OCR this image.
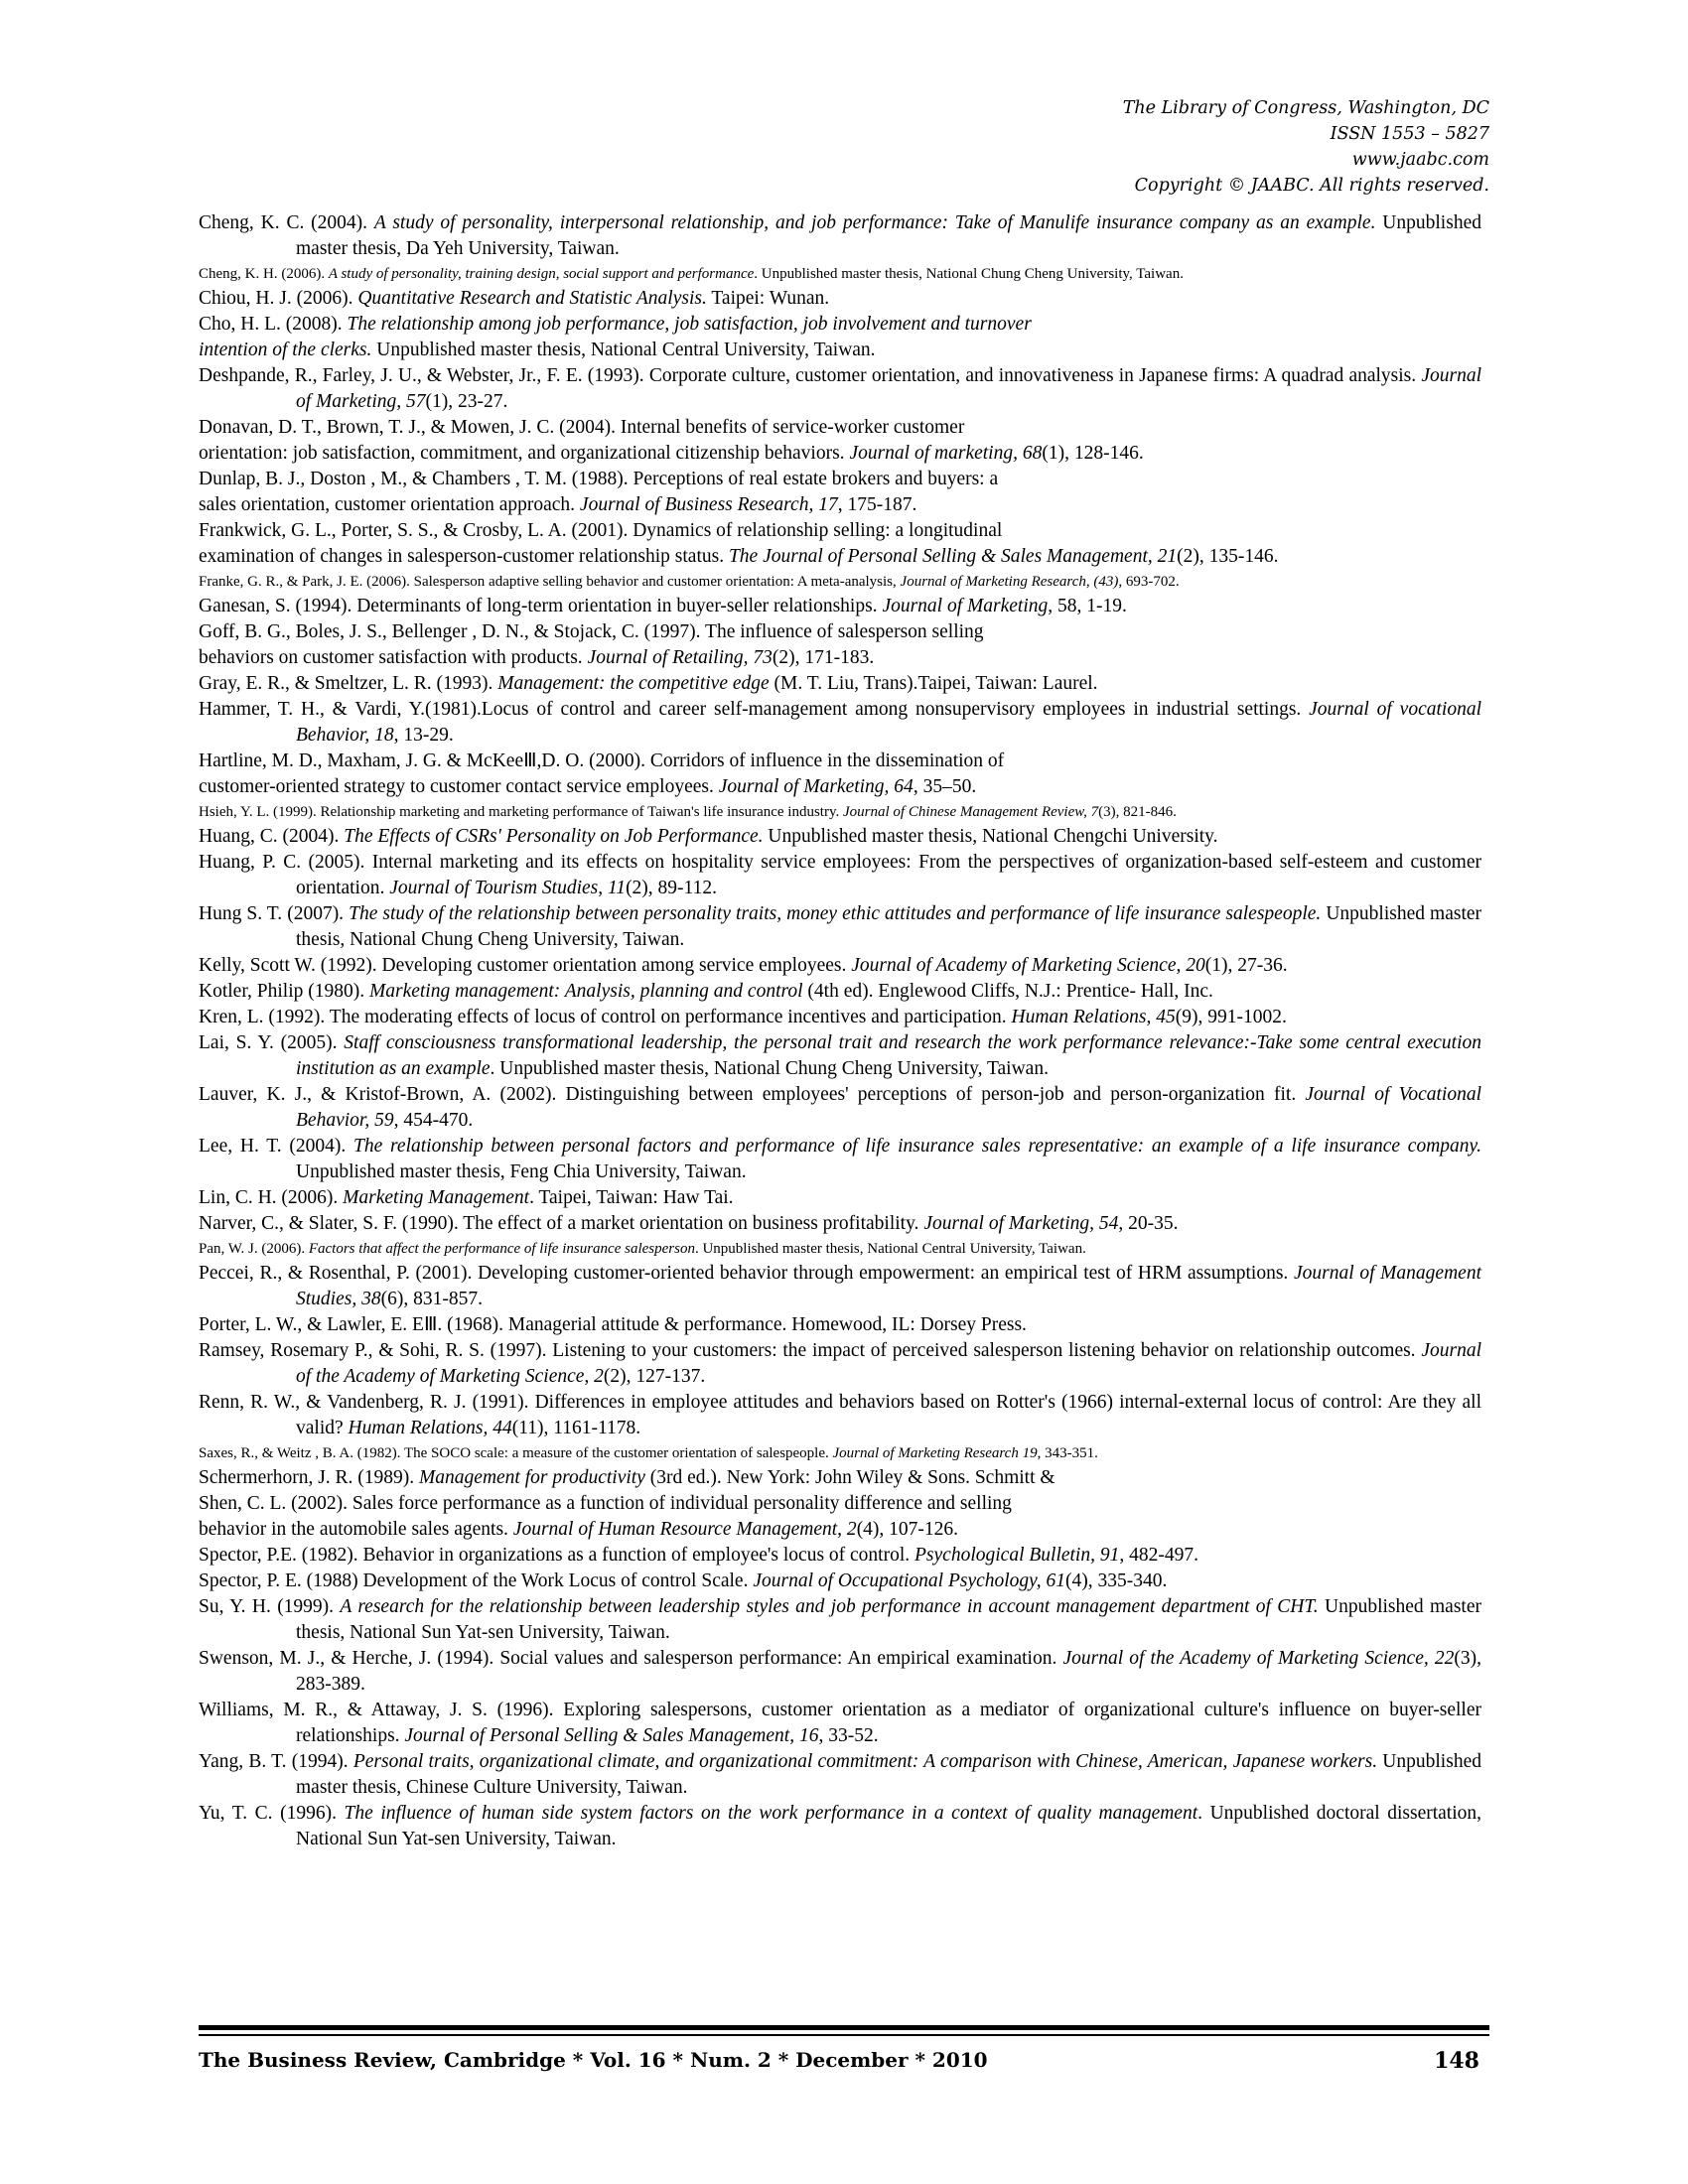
The Library of Congress, Washington, DC
ISSN 1553 – 5827
www.jaabc.com
Copyright © JAABC. All rights reserved.
Cheng, K. C. (2004). A study of personality, interpersonal relationship, and job performance: Take of Manulife insurance company as an example. Unpublished master thesis, Da Yeh University, Taiwan.
Cheng, K. H. (2006). A study of personality, training design, social support and performance. Unpublished master thesis, National Chung Cheng University, Taiwan.
Chiou, H. J. (2006). Quantitative Research and Statistic Analysis. Taipei: Wunan.
Cho, H. L. (2008). The relationship among job performance, job satisfaction, job involvement and turnover
intention of the clerks. Unpublished master thesis, National Central University, Taiwan.
Deshpande, R., Farley, J. U., & Webster, Jr., F. E. (1993). Corporate culture, customer orientation, and innovativeness in Japanese firms: A quadrad analysis. Journal of Marketing, 57(1), 23-27.
Donavan, D. T., Brown, T. J., & Mowen, J. C. (2004). Internal benefits of service-worker customer
orientation: job satisfaction, commitment, and organizational citizenship behaviors. Journal of marketing, 68(1), 128-146.
Dunlap, B. J., Doston , M., & Chambers , T. M. (1988). Perceptions of real estate brokers and buyers: a
sales orientation, customer orientation approach. Journal of Business Research, 17, 175-187.
Frankwick, G. L., Porter, S. S., & Crosby, L. A. (2001). Dynamics of relationship selling: a longitudinal
examination of changes in salesperson-customer relationship status. The Journal of Personal Selling & Sales Management, 21(2), 135-146.
Franke, G. R., & Park, J. E. (2006). Salesperson adaptive selling behavior and customer orientation: A meta-analysis, Journal of Marketing Research, (43), 693-702.
Ganesan, S. (1994). Determinants of long-term orientation in buyer-seller relationships. Journal of Marketing, 58, 1-19.
Goff, B. G., Boles, J. S., Bellenger , D. N., & Stojack, C. (1997). The influence of salesperson selling
behaviors on customer satisfaction with products. Journal of Retailing, 73(2), 171-183.
Gray, E. R., & Smeltzer, L. R. (1993). Management: the competitive edge (M. T. Liu, Trans).Taipei, Taiwan: Laurel.
Hammer, T. H., & Vardi, Y.(1981).Locus of control and career self-management among nonsupervisory employees in industrial settings. Journal of vocational Behavior, 18, 13-29.
Hartline, M. D., Maxham, J. G. & McKeeⅢ,D. O. (2000). Corridors of influence in the dissemination of
customer-oriented strategy to customer contact service employees. Journal of Marketing, 64, 35–50.
Hsieh, Y. L. (1999). Relationship marketing and marketing performance of Taiwan's life insurance industry. Journal of Chinese Management Review, 7(3), 821-846.
Huang, C. (2004). The Effects of CSRs' Personality on Job Performance. Unpublished master thesis, National Chengchi University.
Huang, P. C. (2005). Internal marketing and its effects on hospitality service employees: From the perspectives of organization-based self-esteem and customer orientation. Journal of Tourism Studies, 11(2), 89-112.
Hung S. T. (2007). The study of the relationship between personality traits, money ethic attitudes and performance of life insurance salespeople. Unpublished master thesis, National Chung Cheng University, Taiwan.
Kelly, Scott W. (1992). Developing customer orientation among service employees. Journal of Academy of Marketing Science, 20(1), 27-36.
Kotler, Philip (1980). Marketing management: Analysis, planning and control (4th ed). Englewood Cliffs, N.J.: Prentice- Hall, Inc.
Kren, L. (1992). The moderating effects of locus of control on performance incentives and participation. Human Relations, 45(9), 991-1002.
Lai, S. Y. (2005). Staff consciousness transformational leadership, the personal trait and research the work performance relevance:-Take some central execution institution as an example. Unpublished master thesis, National Chung Cheng University, Taiwan.
Lauver, K. J., & Kristof-Brown, A. (2002). Distinguishing between employees' perceptions of person-job and person-organization fit. Journal of Vocational Behavior, 59, 454-470.
Lee, H. T. (2004). The relationship between personal factors and performance of life insurance sales representative: an example of a life insurance company. Unpublished master thesis, Feng Chia University, Taiwan.
Lin, C. H. (2006). Marketing Management. Taipei, Taiwan: Haw Tai.
Narver, C., & Slater, S. F. (1990). The effect of a market orientation on business profitability. Journal of Marketing, 54, 20-35.
Pan, W. J. (2006). Factors that affect the performance of life insurance salesperson. Unpublished master thesis, National Central University, Taiwan.
Peccei, R., & Rosenthal, P. (2001). Developing customer-oriented behavior through empowerment: an empirical test of HRM assumptions. Journal of Management Studies, 38(6), 831-857.
Porter, L. W., & Lawler, E. EⅢ. (1968). Managerial attitude & performance. Homewood, IL: Dorsey Press.
Ramsey, Rosemary P., & Sohi, R. S. (1997). Listening to your customers: the impact of perceived salesperson listening behavior on relationship outcomes. Journal of the Academy of Marketing Science, 2(2), 127-137.
Renn, R. W., & Vandenberg, R. J. (1991). Differences in employee attitudes and behaviors based on Rotter's (1966) internal-external locus of control: Are they all valid? Human Relations, 44(11), 1161-1178.
Saxes, R., & Weitz , B. A. (1982). The SOCO scale: a measure of the customer orientation of salespeople. Journal of Marketing Research 19, 343-351.
Schermerhorn, J. R. (1989). Management for productivity (3rd ed.). New York: John Wiley & Sons. Schmitt &
Shen, C. L. (2002). Sales force performance as a function of individual personality difference and selling
behavior in the automobile sales agents. Journal of Human Resource Management, 2(4), 107-126.
Spector, P.E. (1982). Behavior in organizations as a function of employee's locus of control. Psychological Bulletin, 91, 482-497.
Spector, P. E. (1988) Development of the Work Locus of control Scale. Journal of Occupational Psychology, 61(4), 335-340.
Su, Y. H. (1999). A research for the relationship between leadership styles and job performance in account management department of CHT. Unpublished master thesis, National Sun Yat-sen University, Taiwan.
Swenson, M. J., & Herche, J. (1994). Social values and salesperson performance: An empirical examination. Journal of the Academy of Marketing Science, 22(3), 283-389.
Williams, M. R., & Attaway, J. S. (1996). Exploring salespersons, customer orientation as a mediator of organizational culture's influence on buyer-seller relationships. Journal of Personal Selling & Sales Management, 16, 33-52.
Yang, B. T. (1994). Personal traits, organizational climate, and organizational commitment: A comparison with Chinese, American, Japanese workers. Unpublished master thesis, Chinese Culture University, Taiwan.
Yu, T. C. (1996). The influence of human side system factors on the work performance in a context of quality management. Unpublished doctoral dissertation, National Sun Yat-sen University, Taiwan.
The Business Review, Cambridge * Vol. 16 * Num. 2 * December * 2010	148
